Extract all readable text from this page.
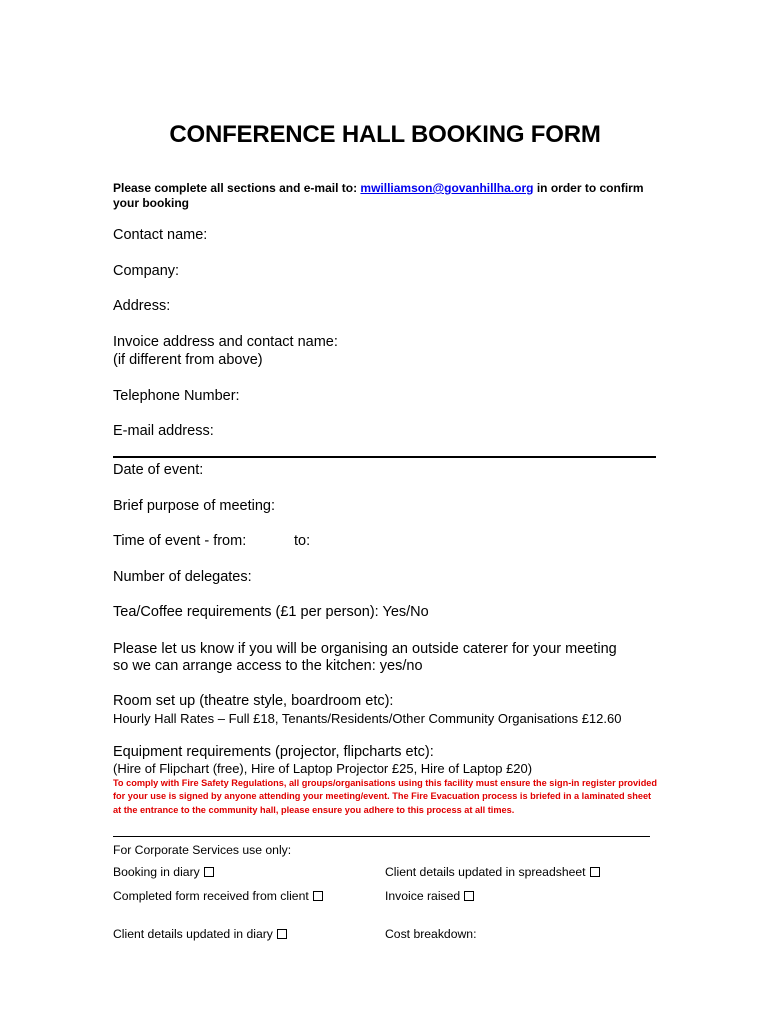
CONFERENCE HALL BOOKING FORM
Please complete all sections and e-mail to: mwilliamson@govanhillha.org in order to confirm your booking
Contact name:
Company:
Address:
Invoice address and contact name:
(if different from above)
Telephone Number:
E-mail address:
Date of event:
Brief purpose of meeting:
Time of event - from:	to:
Number of delegates:
Tea/Coffee requirements (£1 per person): Yes/No
Please let us know if you will be organising an outside caterer for your meeting
so we can arrange access to the kitchen: yes/no
Room set up (theatre style, boardroom etc):
Hourly Hall Rates – Full £18, Tenants/Residents/Other Community Organisations £12.60
Equipment requirements (projector, flipcharts etc):
(Hire of Flipchart (free), Hire of Laptop Projector £25, Hire of Laptop £20)
To comply with Fire Safety Regulations, all groups/organisations using this facility must ensure the sign-in register provided for your use is signed by anyone attending your meeting/event. The Fire Evacuation process is briefed in a laminated sheet at the entrance to the community hall, please ensure you adhere to this process at all times.
For Corporate Services use only:
Booking in diary	Client details updated in spreadsheet
Completed form received from client	Invoice raised
Client details updated in diary	Cost breakdown:
